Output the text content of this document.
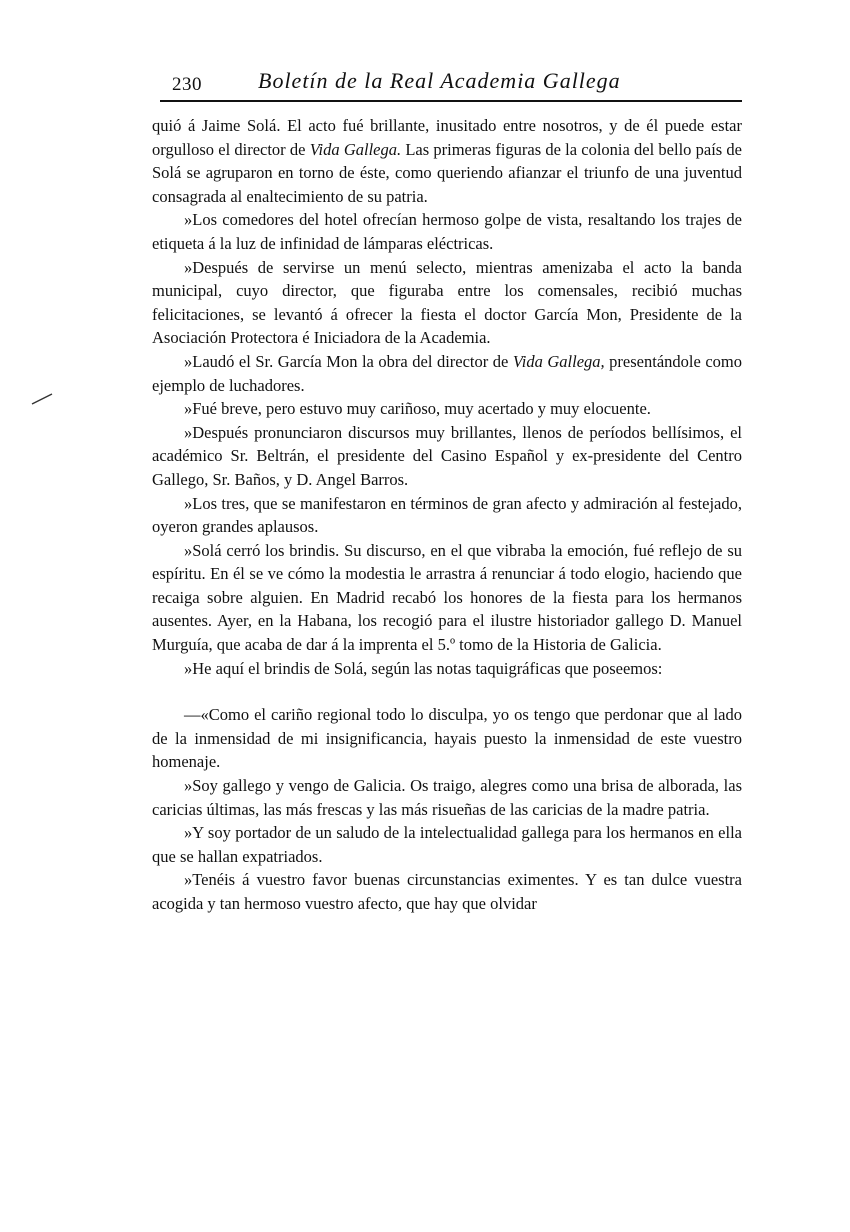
230	Boletín de la Real Academia Gallega

quió á Jaime Solá. El acto fué brillante, inusitado entre nosotros, y de él puede estar orgulloso el director de Vida Gallega. Las primeras figuras de la colonia del bello país de Solá se agruparon en torno de éste, como queriendo afianzar el triunfo de una juventud consagrada al enaltecimiento de su patria.

»Los comedores del hotel ofrecían hermoso golpe de vista, resaltando los trajes de etiqueta á la luz de infinidad de lámparas eléctricas.

»Después de servirse un menú selecto, mientras amenizaba el acto la banda municipal, cuyo director, que figuraba entre los comensales, recibió muchas felicitaciones, se levantó á ofrecer la fiesta el doctor García Mon, Presidente de la Asociación Protectora é Iniciadora de la Academia.

»Laudó el Sr. García Mon la obra del director de Vida Gallega, presentándole como ejemplo de luchadores.

»Fué breve, pero estuvo muy cariñoso, muy acertado y muy elocuente.

»Después pronunciaron discursos muy brillantes, llenos de períodos bellísimos, el académico Sr. Beltrán, el presidente del Casino Español y ex-presidente del Centro Gallego, Sr. Baños, y D. Angel Barros.

»Los tres, que se manifestaron en términos de gran afecto y admiración al festejado, oyeron grandes aplausos.

»Solá cerró los brindis. Su discurso, en el que vibraba la emoción, fué reflejo de su espíritu. En él se ve cómo la modestia le arrastra á renunciar á todo elogio, haciendo que recaiga sobre alguien. En Madrid recabó los honores de la fiesta para los hermanos ausentes. Ayer, en la Habana, los recogió para el ilustre historiador gallego D. Manuel Murguía, que acaba de dar á la imprenta el 5.º tomo de la Historia de Galicia.

»He aquí el brindis de Solá, según las notas taquigráficas que poseemos:

—«Como el cariño regional todo lo disculpa, yo os tengo que perdonar que al lado de la inmensidad de mi insignificancia, hayais puesto la inmensidad de este vuestro homenaje.

»Soy gallego y vengo de Galicia. Os traigo, alegres como una brisa de alborada, las caricias últimas, las más frescas y las más risueñas de las caricias de la madre patria.

»Y soy portador de un saludo de la intelectualidad gallega para los hermanos en ella que se hallan expatriados.

»Tenéis á vuestro favor buenas circunstancias eximentes. Y es tan dulce vuestra acogida y tan hermoso vuestro afecto, que hay que olvidar
